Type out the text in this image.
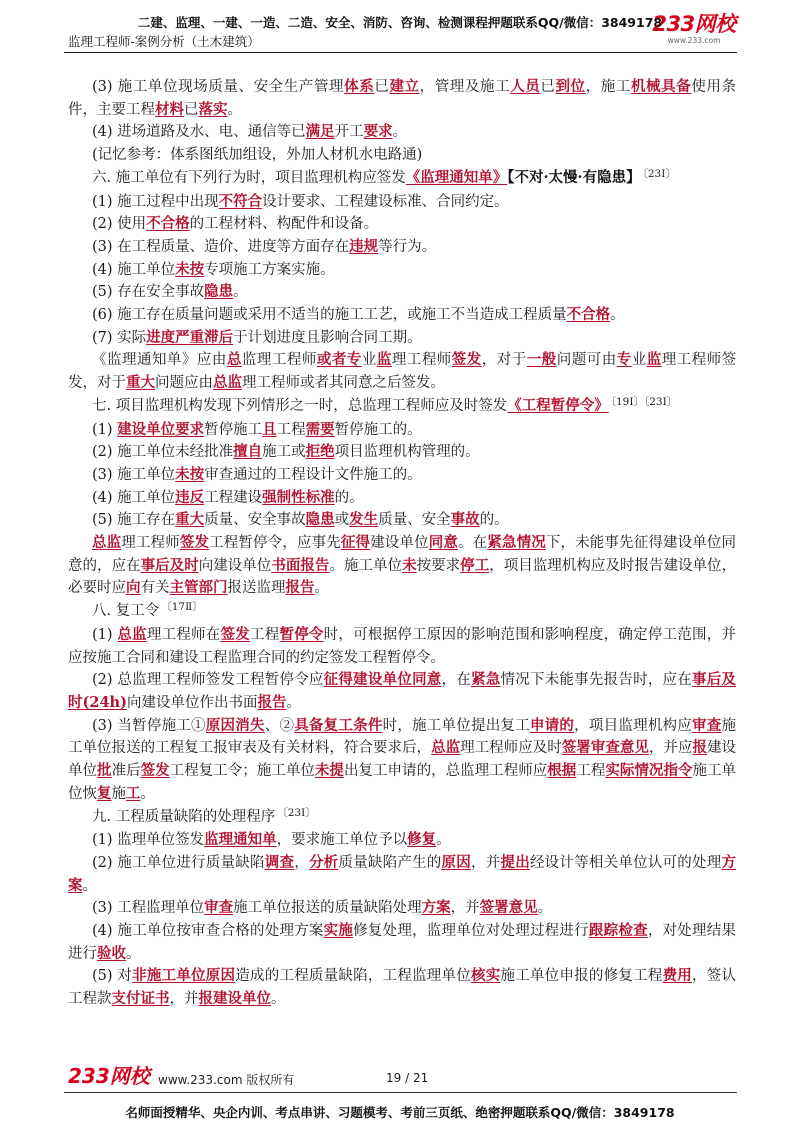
二建、监理、一建、一造、二造、安全、消防、咨询、检测课程押题联系QQ/微信：3849178
监理工程师-案例分析（土木建筑）
233网校
www.233.com

(3) 施工单位现场质量、安全生产管理体系已建立，管理及施工人员已到位，施工机械具备使用条件，主要工程材料已落实。

(4) 进场道路及水、电、通信等已满足开工要求。

(记忆参考：体系图纸加组设，外加人材机水电路通)

六. 施工单位有下列行为时，项目监理机构应签发《监理通知单》【不对·太慢·有隐患】 $^{〔23Ⅰ〕}$

(1) 施工过程中出现不符合设计要求、工程建设标准、合同约定。

(2) 使用不合格的工程材料、构配件和设备。

(3) 在工程质量、造价、进度等方面存在违规等行为。

(4) 施工单位未按专项施工方案实施。

(5) 存在安全事故隐患。

(6) 施工存在质量问题或采用不适当的施工工艺，或施工不当造成工程质量不合格。

(7) 实际进度严重滞后于计划进度且影响合同工期。

《监理通知单》应由总监理工程师或者专业监理工程师签发，对于一般问题可由专业监理工程师签发，对于重大问题应由总监理工程师或者其同意之后签发。

七. 项目监理机构发现下列情形之一时，总监理工程师应及时签发《工程暂停令》 $^{〔19Ⅰ〕〔23Ⅰ〕}$

(1) 建设单位要求暂停施工且工程需要暂停施工的。

(2) 施工单位未经批准擅自施工或拒绝项目监理机构管理的。

(3) 施工单位未按审查通过的工程设计文件施工的。

(4) 施工单位违反工程建设强制性标准的。

(5) 施工存在重大质量、安全事故隐患或发生质量、安全事故的。

总监理工程师签发工程暂停令，应事先征得建设单位同意。在紧急情况下，未能事先征得建设单位同意的，应在事后及时向建设单位书面报告。施工单位未按要求停工，项目监理机构应及时报告建设单位，必要时应向有关主管部门报送监理报告。

八. 复工令 $^{〔17Ⅱ〕}$

(1) 总监理工程师在签发工程暂停令时，可根据停工原因的影响范围和影响程度，确定停工范围，并应按施工合同和建设工程监理合同的约定签发工程暂停令。

(2) 总监理工程师签发工程暂停令应征得建设单位同意，在紧急情况下未能事先报告时，应在事后及时(24h)向建设单位作出书面报告。

(3) 当暂停施工①原因消失、②具备复工条件时，施工单位提出复工申请的，项目监理机构应审查施工单位报送的工程复工报审表及有关材料，符合要求后，总监理工程师应及时签署审查意见，并应报建设单位批准后签发工程复工令；施工单位未提出复工申请的，总监理工程师应根据工程实际情况指令施工单位恢复施工。

九. 工程质量缺陷的处理程序 $^{〔23Ⅰ〕}$

(1) 监理单位签发监理通知单，要求施工单位予以修复。

(2) 施工单位进行质量缺陷调查，分析质量缺陷产生的原因，并提出经设计等相关单位认可的处理方案。

(3) 工程监理单位审查施工单位报送的质量缺陷处理方案，并签署意见。

(4) 施工单位按审查合格的处理方案实施修复处理，监理单位对处理过程进行跟踪检查，对处理结果进行验收。

(5) 对非施工单位原因造成的工程质量缺陷，工程监理单位核实施工单位申报的修复工程费用，签认工程款支付证书，并报建设单位。

233网校 www.233.com 版权所有	19 / 21
名师面授精华、央企内训、考点串讲、习题模考、考前三页纸、绝密押题联系QQ/微信：3849178
